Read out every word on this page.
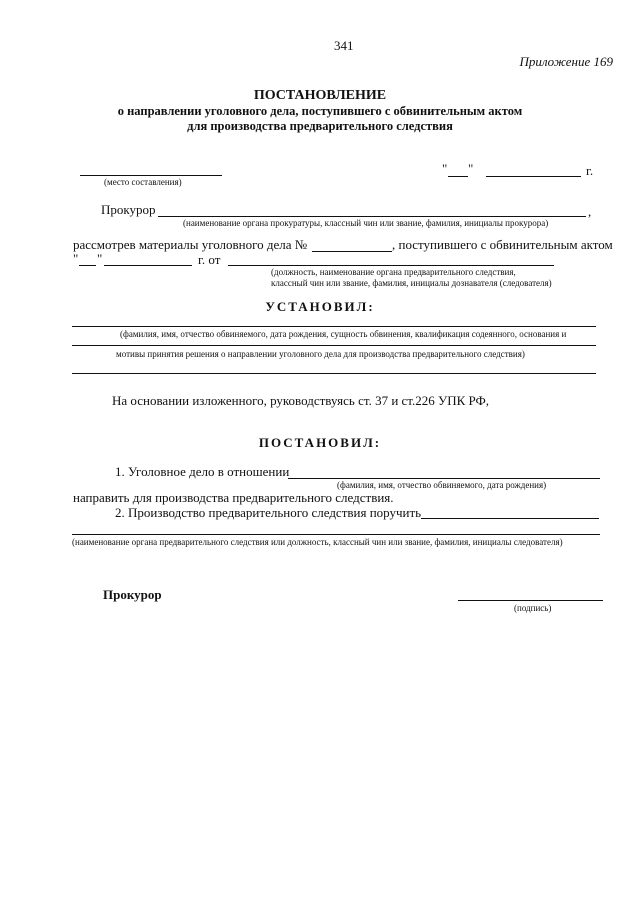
341
Приложение 169
ПОСТАНОВЛЕНИЕ
о направлении уголовного дела, поступившего с обвинительным актом
для производства предварительного следствия
(место составления)
" "	г.
Прокурор	,
(наименование органа прокуратуры, классный чин или звание, фамилия, инициалы прокурора)
рассмотрев материалы уголовного дела №	, поступившего с обвинительным актом
" "	г. от
(должность, наименование органа предварительного следствия,
классный чин или звание, фамилия, инициалы дознавателя (следователя)
УСТАНОВИЛ:
(фамилия, имя, отчество обвиняемого, дата рождения, сущность обвинения, квалификация содеянного, основания и
мотивы принятия решения о направлении уголовного дела для производства предварительного следствия)
На основании изложенного, руководствуясь ст. 37 и ст.226 УПК РФ,
ПОСТАНОВИЛ:
1. Уголовное дело в отношении
(фамилия, имя, отчество обвиняемого, дата рождения)
направить для производства предварительного следствия.
2. Производство предварительного следствия поручить
(наименование органа предварительного следствия или должность, классный чин или звание, фамилия, инициалы следователя)
Прокурор
(подпись)
